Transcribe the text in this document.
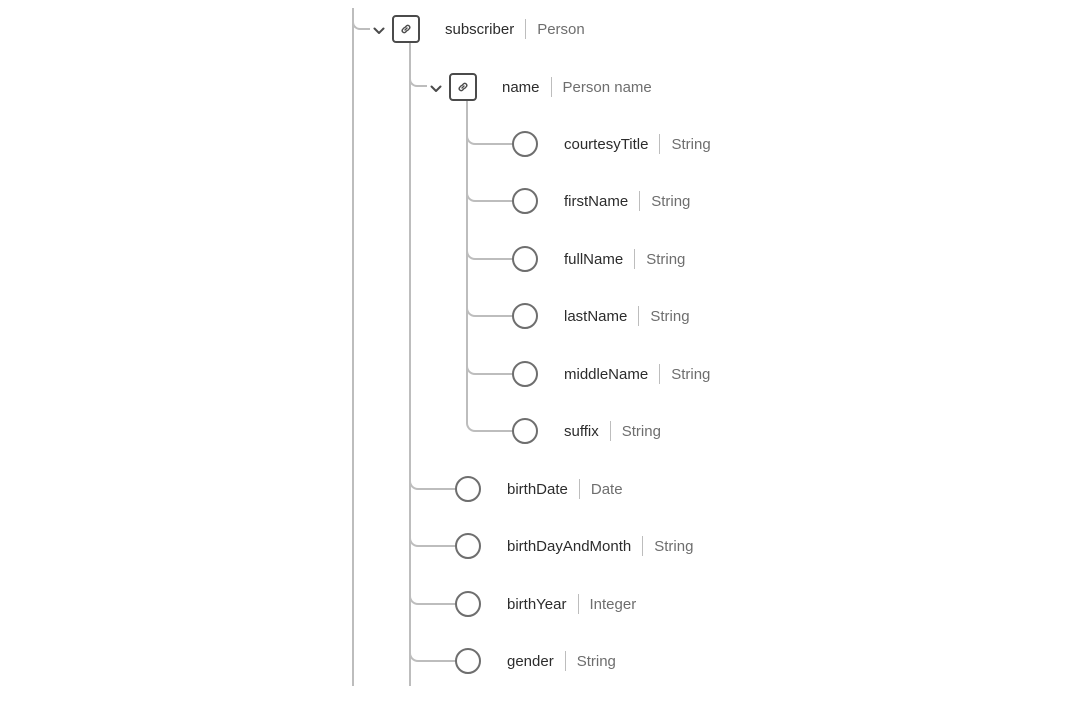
subscriber Person
name Person name
courtesyTitle String
firstName String
fullName String
lastName String
middleName String
suffix String
birthDate Date
birthDayAndMonth String
birthYear Integer
gender String
